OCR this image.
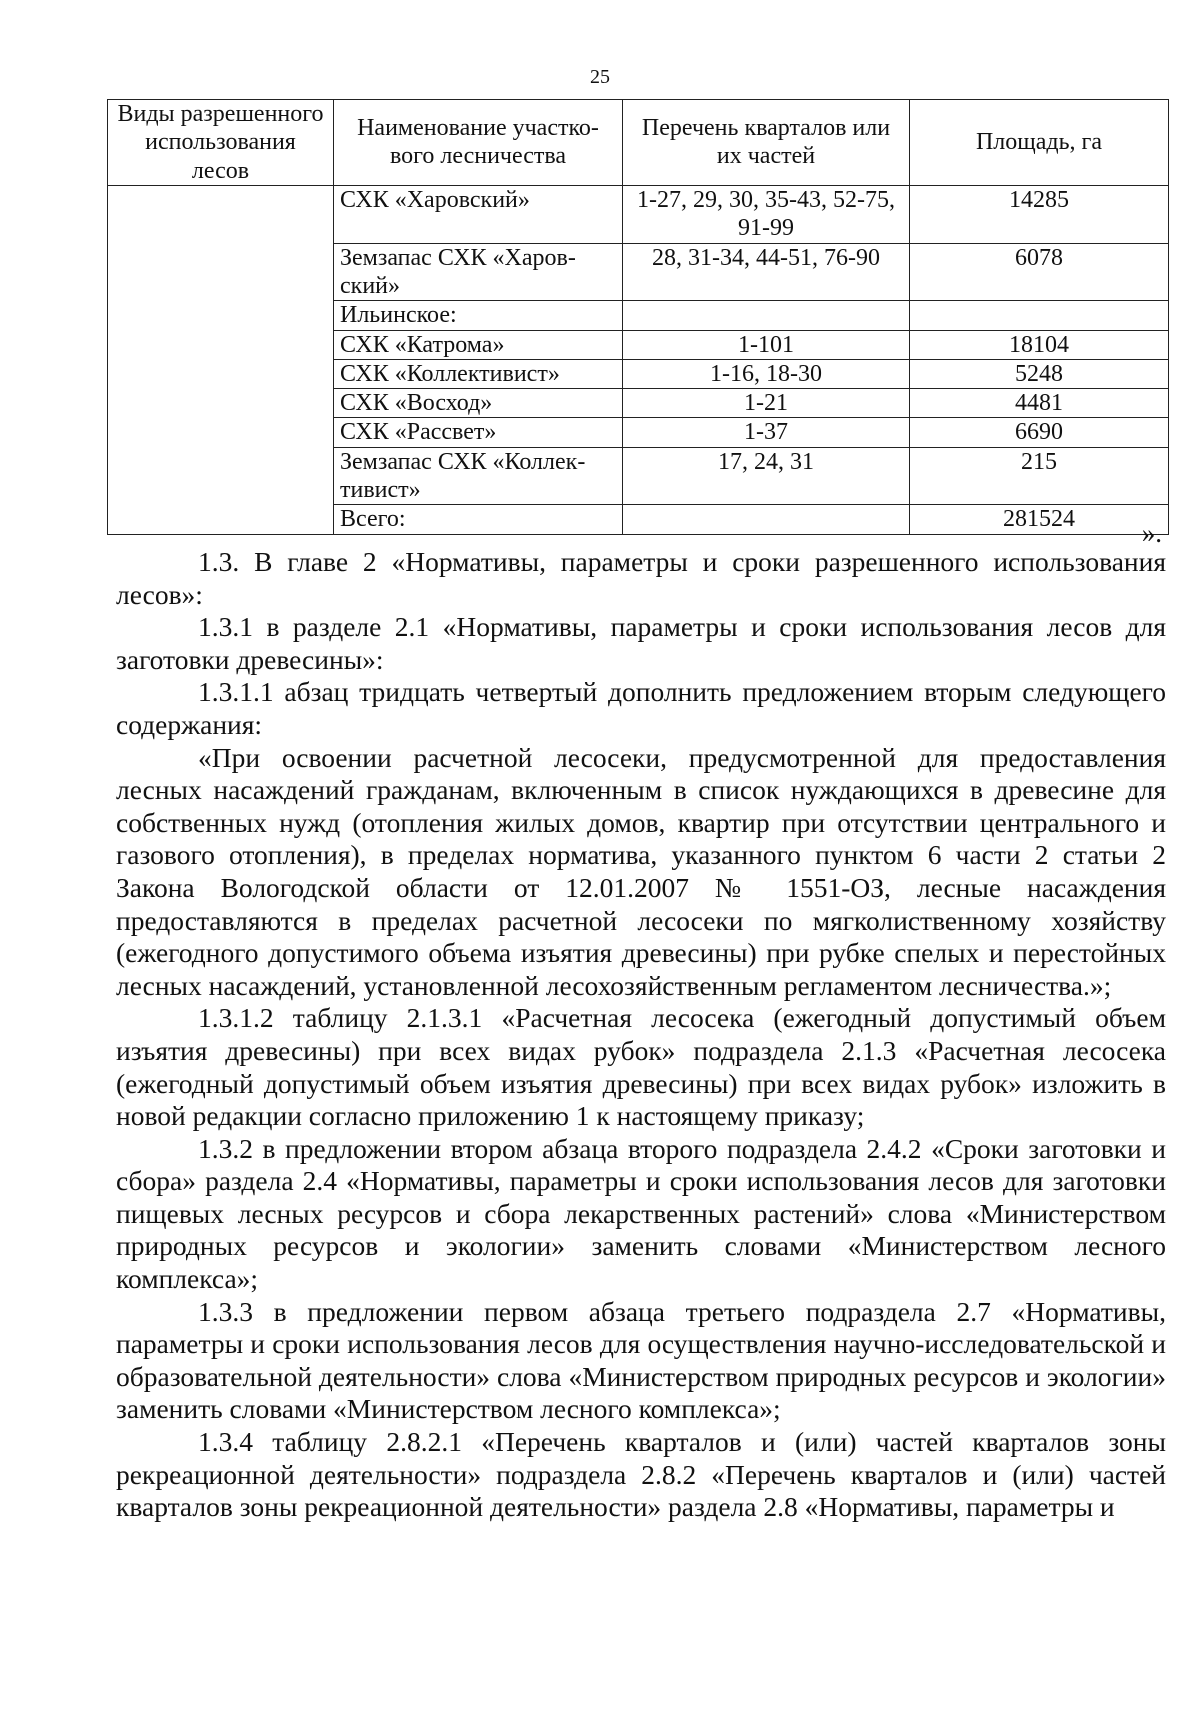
25
Виды разрешенного использования лесов	Наименование участко-вого лесничества	Перечень кварталов или их частей	Площадь, га
	СХК «Харовский»	1-27, 29, 30, 35-43, 52-75, 91-99	14285
	Земзапас СХК «Харов-ский»	28, 31-34, 44-51, 76-90	6078
	Ильинское:		
	СХК «Катрома»	1-101	18104
	СХК «Коллективист»	1-16, 18-30	5248
	СХК «Восход»	1-21	4481
	СХК «Рассвет»	1-37	6690
	Земзапас СХК «Коллек-тивист»	17, 24, 31	215
	Всего:		281524 ».

1.3. В главе 2 «Нормативы, параметры и сроки разрешенного использования лесов»:

1.3.1 в разделе 2.1 «Нормативы, параметры и сроки использования лесов для заготовки древесины»:

1.3.1.1 абзац тридцать четвертый дополнить предложением вторым следующего содержания:

«При освоении расчетной лесосеки, предусмотренной для предоставления лесных насаждений гражданам, включенным в список нуждающихся в древесине для собственных нужд (отопления жилых домов, квартир при отсутствии центрального и газового отопления), в пределах норматива, указанного пунктом 6 части 2 статьи 2 Закона Вологодской области от 12.01.2007 № 1551-ОЗ, лесные насаждения предоставляются в пределах расчетной лесосеки по мягколиственному хозяйству (ежегодного допустимого объема изъятия древесины) при рубке спелых и перестойных лесных насаждений, установленной лесохозяйственным регламентом лесничества.»;

1.3.1.2 таблицу 2.1.3.1 «Расчетная лесосека (ежегодный допустимый объем изъятия древесины) при всех видах рубок» подраздела 2.1.3 «Расчетная лесосека (ежегодный допустимый объем изъятия древесины) при всех видах рубок» изложить в новой редакции согласно приложению 1 к настоящему приказу;

1.3.2 в предложении втором абзаца второго подраздела 2.4.2 «Сроки заготовки и сбора» раздела 2.4 «Нормативы, параметры и сроки использования лесов для заготовки пищевых лесных ресурсов и сбора лекарственных растений» слова «Министерством природных ресурсов и экологии» заменить словами «Министерством лесного комплекса»;

1.3.3 в предложении первом абзаца третьего подраздела 2.7 «Нормативы, параметры и сроки использования лесов для осуществления научно-исследовательской и образовательной деятельности» слова «Министерством природных ресурсов и экологии» заменить словами «Министерством лесного комплекса»;

1.3.4 таблицу 2.8.2.1 «Перечень кварталов и (или) частей кварталов зоны рекреационной деятельности» подраздела 2.8.2 «Перечень кварталов и (или) частей кварталов зоны рекреационной деятельности» раздела 2.8 «Нормативы, параметры и
